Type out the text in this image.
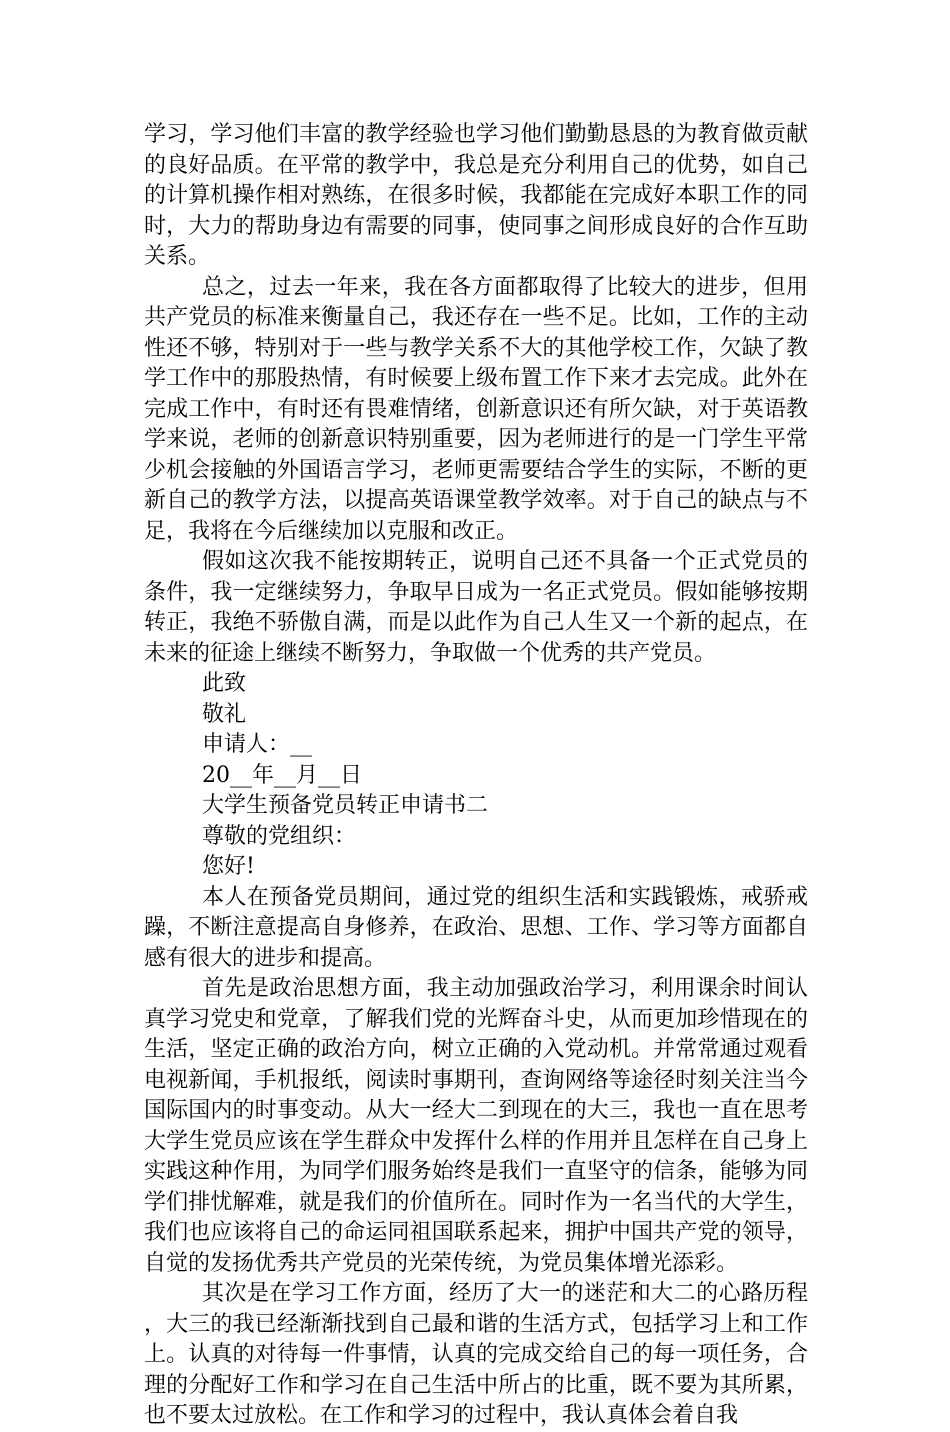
学习，学习他们丰富的教学经验也学习他们勤勤恳恳的为教育做贡献的良好品质。在平常的教学中，我总是充分利用自己的优势，如自己的计算机操作相对熟练，在很多时候，我都能在完成好本职工作的同时，大力的帮助身边有需要的同事，使同事之间形成良好的合作互助关系。

总之，过去一年来，我在各方面都取得了比较大的进步，但用共产党员的标准来衡量自己，我还存在一些不足。比如，工作的主动性还不够，特别对于一些与教学关系不大的其他学校工作，欠缺了教学工作中的那股热情，有时候要上级布置工作下来才去完成。此外在完成工作中，有时还有畏难情绪，创新意识还有所欠缺，对于英语教学来说，老师的创新意识特别重要，因为老师进行的是一门学生平常少机会接触的外国语言学习，老师更需要结合学生的实际，不断的更新自己的教学方法，以提高英语课堂教学效率。对于自己的缺点与不足，我将在今后继续加以克服和改正。

假如这次我不能按期转正，说明自己还不具备一个正式党员的条件，我一定继续努力，争取早日成为一名正式党员。假如能够按期转正，我绝不骄傲自满，而是以此作为自己人生又一个新的起点，在未来的征途上继续不断努力，争取做一个优秀的共产党员。

此致

敬礼

申请人：__

20__年__月__日

大学生预备党员转正申请书二

尊敬的党组织：

您好!

本人在预备党员期间，通过党的组织生活和实践锻炼，戒骄戒躁，不断注意提高自身修养，在政治、思想、工作、学习等方面都自感有很大的进步和提高。

首先是政治思想方面，我主动加强政治学习，利用课余时间认真学习党史和党章，了解我们党的光辉奋斗史，从而更加珍惜现在的生活，坚定正确的政治方向，树立正确的入党动机。并常常通过观看电视新闻，手机报纸，阅读时事期刊，查询网络等途径时刻关注当今国际国内的时事变动。从大一经大二到现在的大三，我也一直在思考大学生党员应该在学生群众中发挥什么样的作用并且怎样在自己身上实践这种作用，为同学们服务始终是我们一直坚守的信条，能够为同学们排忧解难，就是我们的价值所在。同时作为一名当代的大学生，我们也应该将自己的命运同祖国联系起来，拥护中国共产党的领导，自觉的发扬优秀共产党员的光荣传统，为党员集体增光添彩。

其次是在学习工作方面，经历了大一的迷茫和大二的心路历程，大三的我已经渐渐找到自己最和谐的生活方式，包括学习上和工作上。认真的对待每一件事情，认真的完成交给自己的每一项任务，合理的分配好工作和学习在自己生活中所占的比重，既不要为其所累，也不要太过放松。在工作和学习的过程中，我认真体会着自我
